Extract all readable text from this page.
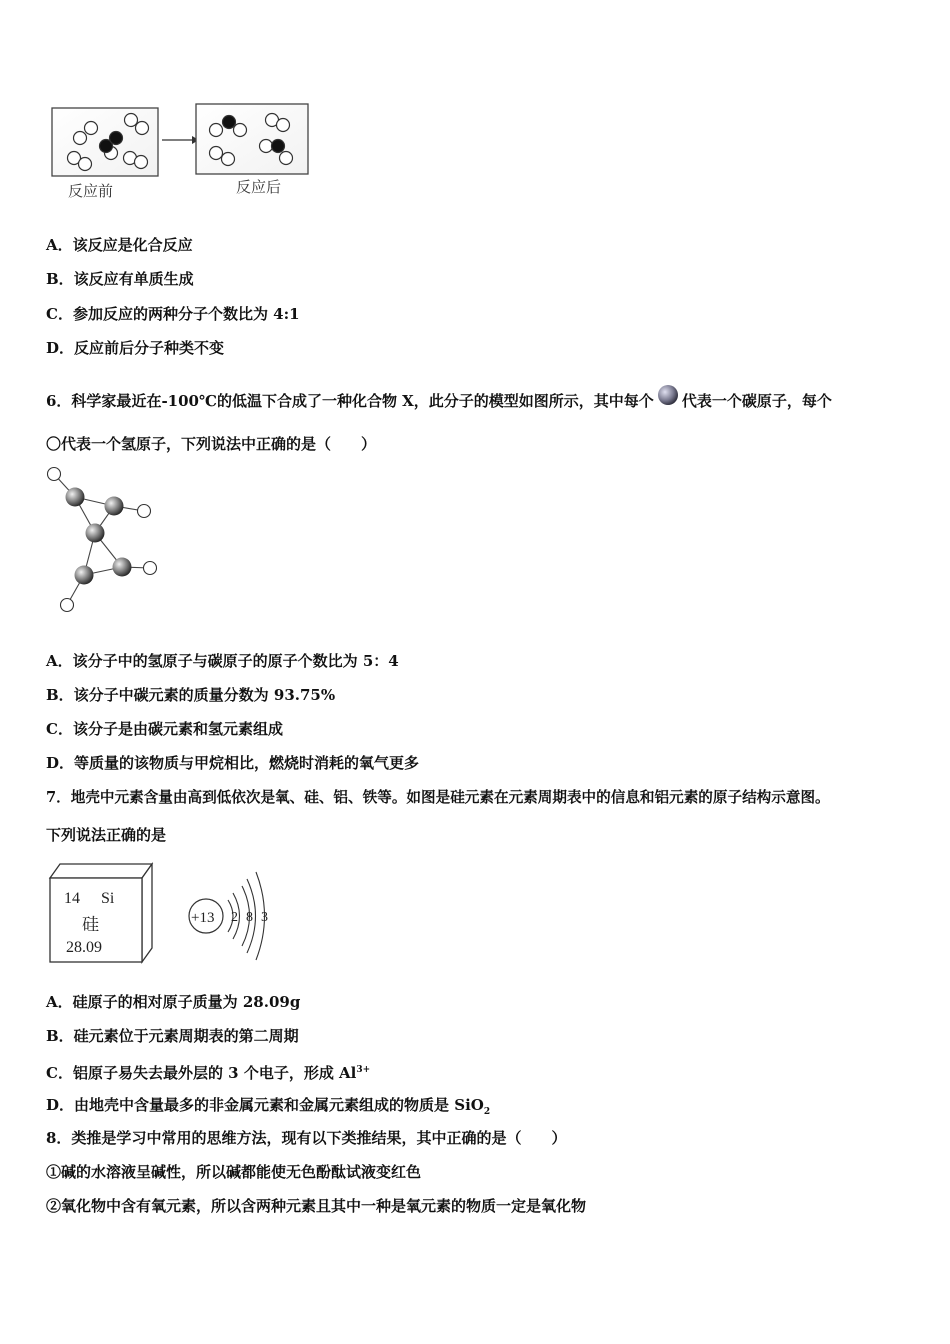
反应前	反应后
A．该反应是化合反应
B．该反应有单质生成
C．参加反应的两种分子个数比为 4:1
D．反应前后分子种类不变
6．科学家最近在-100℃的低温下合成了一种化合物 X，此分子的模型如图所示，其中每个 代表一个碳原子，每个
〇代表一个氢原子，下列说法中正确的是（　　）
A．该分子中的氢原子与碳原子的原子个数比为 5：4
B．该分子中碳元素的质量分数为 93.75%
C．该分子是由碳元素和氢元素组成
D．等质量的该物质与甲烷相比，燃烧时消耗的氧气更多
7．地壳中元素含量由高到低依次是氧、硅、铝、铁等。如图是硅元素在元素周期表中的信息和铝元素的原子结构示意图。
下列说法正确的是
14 Si
硅
28.09
+13 2 8 3
A．硅原子的相对原子质量为 28.09g
B．硅元素位于元素周期表的第二周期
C．铝原子易失去最外层的 3 个电子，形成 $Al^{3+}$
D．由地壳中含量最多的非金属元素和金属元素组成的物质是 SiO$_2$
8．类推是学习中常用的思维方法，现有以下类推结果，其中正确的是（　　）
①碱的水溶液呈碱性，所以碱都能使无色酚酞试液变红色
②氧化物中含有氧元素，所以含两种元素且其中一种是氧元素的物质一定是氧化物
